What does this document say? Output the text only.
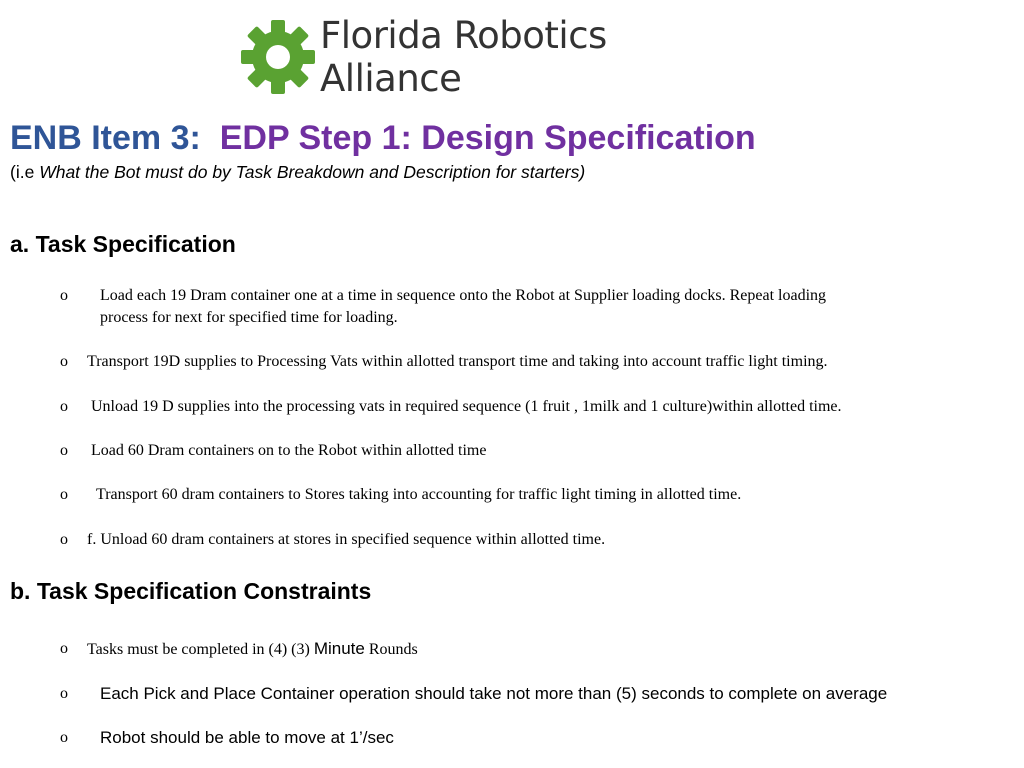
Florida Robotics
Alliance
ENB Item 3: EDP Step 1: Design Specification
(i.e What the Bot must do by Task Breakdown and Description for starters)
a. Task Specification
o Load each 19 Dram container one at a time in sequence onto the Robot at Supplier loading docks. Repeat loading
process for next for specified time for loading.
o Transport 19D supplies to Processing Vats within allotted transport time and taking into account traffic light timing.
o Unload 19 D supplies into the processing vats in required sequence (1 fruit , 1milk and 1 culture)within allotted time.
o Load 60 Dram containers on to the Robot within allotted time
o Transport 60 dram containers to Stores taking into accounting for traffic light timing in allotted time.
o f. Unload 60 dram containers at stores in specified sequence within allotted time.
b. Task Specification Constraints
o Tasks must be completed in (4) (3) Minute Rounds
o Each Pick and Place Container operation should take not more than (5) seconds to complete on average
o Robot should be able to move at 1’/sec
